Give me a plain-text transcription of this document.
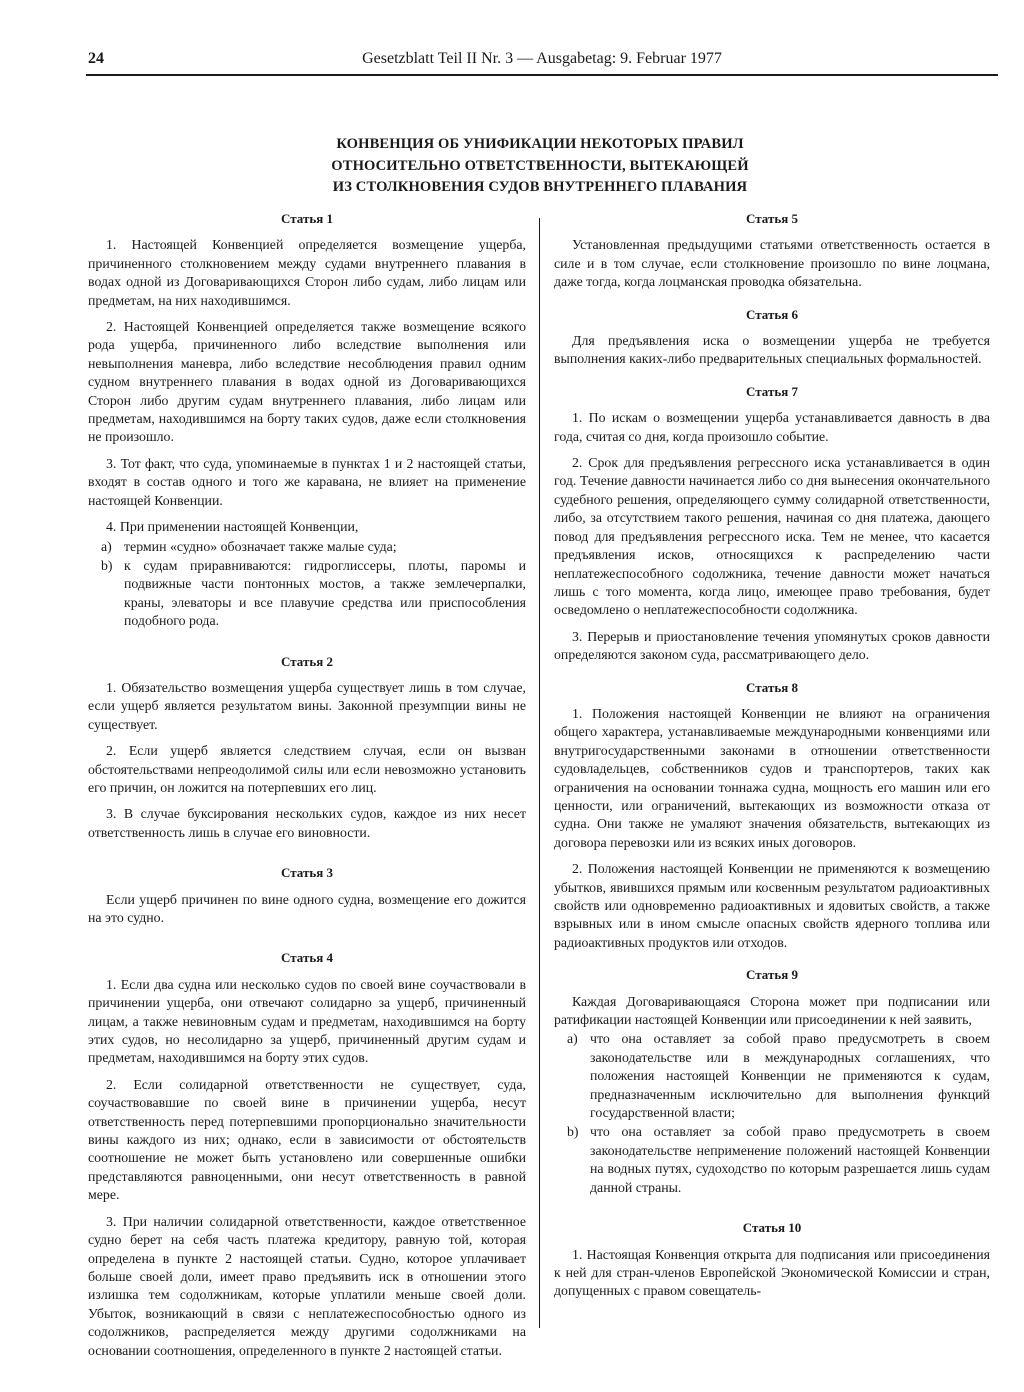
24	Gesetzblatt Teil II Nr. 3 — Ausgabetag: 9. Februar 1977
КОНВЕНЦИЯ ОБ УНИФИКАЦИИ НЕКОТОРЫХ ПРАВИЛ
ОТНОСИТЕЛЬНО ОТВЕТСТВЕННОСТИ, ВЫТЕКАЮЩЕЙ
ИЗ СТОЛКНОВЕНИЯ СУДОВ ВНУТРЕННЕГО ПЛАВАНИЯ
Статья 1

1. Настоящей Конвенцией определяется возмещение ущерба, причиненного столкновением между судами внутреннего плавания в водах одной из Договаривающихся Сторон либо судам, либо лицам или предметам, на них находившимся.

2. Настоящей Конвенцией определяется также возмещение всякого рода ущерба, причиненного либо вследствие выполнения или невыполнения маневра, либо вследствие несоблюдения правил одним судном внутреннего плавания в водах одной из Договаривающихся Сторон либо другим судам внутреннего плавания, либо лицам или предметам, находившимся на борту таких судов, даже если столкновения не произошло.

3. Тот факт, что суда, упоминаемые в пунктах 1 и 2 настоящей статьи, входят в состав одного и того же каравана, не влияет на применение настоящей Конвенции.

4. При применении настоящей Конвенции,

a) термин «судно» обозначает также малые суда;

b) к судам приравниваются: гидроглиссеры, плоты, паромы и подвижные части понтонных мостов, а также землечерпалки, краны, элеваторы и все плавучие средства или приспособления подобного рода.

Статья 2

1. Обязательство возмещения ущерба существует лишь в том случае, если ущерб является результатом вины. Законной презумпции вины не существует.

2. Если ущерб является следствием случая, если он вызван обстоятельствами непреодолимой силы или если невозможно установить его причин, он ложится на потерпевших его лиц.

3. В случае буксирования нескольких судов, каждое из них несет ответственность лишь в случае его виновности.

Статья 3

Если ущерб причинен по вине одного судна, возмещение его дожится на это судно.

Статья 4

1. Если два судна или несколько судов по своей вине соучаствовали в причинении ущерба, они отвечают солидарно за ущерб, причиненный лицам, а также невиновным судам и предметам, находившимся на борту этих судов, но несолидарно за ущерб, причиненный другим судам и предметам, находившимся на борту этих судов.

2. Если солидарной ответственности не существует, суда, соучаствовавшие по своей вине в причинении ущерба, несут ответственность перед потерпевшими пропорционально значительности вины каждого из них; однако, если в зависимости от обстоятельств соотношение не может быть установлено или совершенные ошибки представляются равноценными, они несут ответственность в равной мере.

3. При наличии солидарной ответственности, каждое ответственное судно берет на себя часть платежа кредитору, равную той, которая определена в пункте 2 настоящей статьи. Судно, которое уплачивает больше своей доли, имеет право предъявить иск в отношении этого излишка тем содолжникам, которые уплатили меньше своей доли. Убыток, возникающий в связи с неплатежеспособностью одного из содолжников, распределяется между другими содолжниками на основании соотношения, определенного в пункте 2 настоящей статьи.

Статья 5

Установленная предыдущими статьями ответственность остается в силе и в том случае, если столкновение произошло по вине лоцмана, даже тогда, когда лоцманская проводка обязательна.

Статья 6

Для предъявления иска о возмещении ущерба не требуется выполнения каких-либо предварительных специальных формальностей.

Статья 7

1. По искам о возмещении ущерба устанавливается давность в два года, считая со дня, когда произошло событие.

2. Срок для предъявления регрессного иска устанавливается в один год. Течение давности начинается либо со дня вынесения окончательного судебного решения, определяющего сумму солидарной ответственности, либо, за отсутствием такого решения, начиная со дня платежа, дающего повод для предъявления регрессного иска. Тем не менее, что касается предъявления исков, относящихся к распределению части неплатежеспособного содолжника, течение давности может начаться лишь с того момента, когда лицо, имеющее право требования, будет осведомлено о неплатежеспособности содолжника.

3. Перерыв и приостановление течения упомянутых сроков давности определяются законом суда, рассматривающего дело.

Статья 8

1. Положения настоящей Конвенции не влияют на ограничения общего характера, устанавливаемые международными конвенциями или внутригосударственными законами в отношении ответственности судовладельцев, собственников судов и транспортеров, таких как ограничения на основании тоннажа судна, мощность его машин или его ценности, или ограничений, вытекающих из возможности отказа от судна. Они также не умаляют значения обязательств, вытекающих из договора перевозки или из всяких иных договоров.

2. Положения настоящей Конвенции не применяются к возмещению убытков, явившихся прямым или косвенным результатом радиоактивных свойств или одновременно радиоактивных и ядовитых свойств, а также взрывных или в ином смысле опасных свойств ядерного топлива или радиоактивных продуктов или отходов.

Статья 9

Каждая Договаривающаяся Сторона может при подписании или ратификации настоящей Конвенции или присоединении к ней заявить,

a) что она оставляет за собой право предусмотреть в своем законодательстве или в международных соглашениях, что положения настоящей Конвенции не применяются к судам, предназначенным исключительно для выполнения функций государственной власти;

b) что она оставляет за собой право предусмотреть в своем законодательстве неприменение положений настоящей Конвенции на водных путях, судоходство по которым разрешается лишь судам данной страны.

Статья 10

1. Настоящая Конвенция открыта для подписания или присоединения к ней для стран-членов Европейской Экономической Комиссии и стран, допущенных с правом совещатель-
